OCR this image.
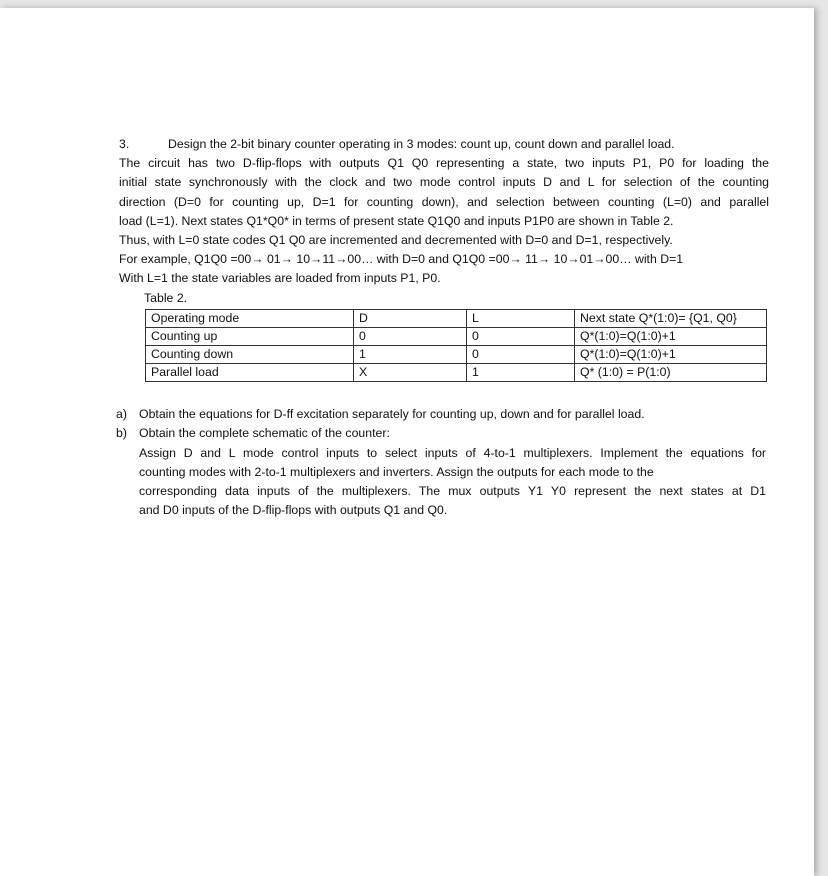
3.	Design the 2-bit binary counter operating in 3 modes: count up, count down and parallel load.
The circuit has two D-flip-flops with outputs Q1 Q0 representing a state, two inputs P1, P0 for loading the
initial state synchronously with the clock and two mode control inputs D and L for selection of the counting
direction (D=0 for counting up, D=1 for counting down), and selection between counting (L=0) and parallel
load (L=1). Next states Q1*Q0* in terms of present state Q1Q0 and inputs P1P0 are shown in Table 2.
Thus, with L=0 state codes Q1 Q0 are incremented and decremented with D=0 and D=1, respectively.
For example, Q1Q0 =00→ 01→ 10→11→00… with D=0 and Q1Q0 =00→ 11→ 10→01→00… with D=1
With L=1 the state variables are loaded from inputs P1, P0.
Table 2.
Operating mode	D	L	Next state Q*(1:0)= {Q1, Q0}
Counting up	0	0	Q*(1:0)=Q(1:0)+1
Counting down	1	0	Q*(1:0)=Q(1:0)+1
Parallel load	X	1	Q* (1:0) = P(1:0)
a) Obtain the equations for D-ff excitation separately for counting up, down and for parallel load.
b) Obtain the complete schematic of the counter:
Assign D and L mode control inputs to select inputs of 4-to-1 multiplexers. Implement the equations for
counting modes with 2-to-1 multiplexers and inverters. Assign the outputs for each mode to the
corresponding data inputs of the multiplexers. The mux outputs Y1 Y0 represent the next states at D1
and D0 inputs of the D-flip-flops with outputs Q1 and Q0.
